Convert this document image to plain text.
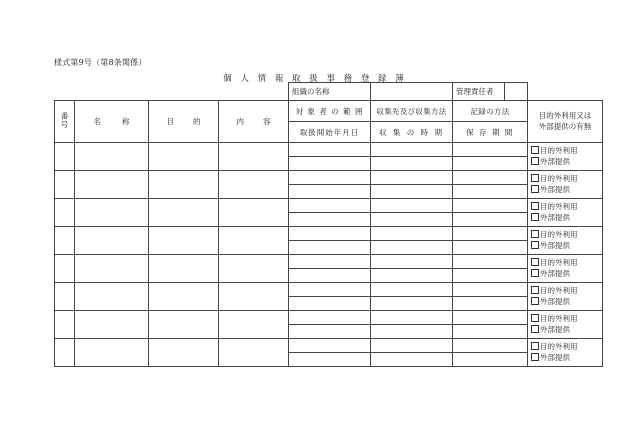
様式第9号（第8条関係）
個 人 情 報 取 扱 事 務 登 録 簿
				組織の名称		管理責任者		
番号	名 称	目 的	内 容	対 象 者 の 範 囲	収集先及び収集方法	記録の方法		目的外利用又は
外部提供の有無

				取扱開始年月日	収 集 の 時 期	保 存 期 間		

								目的外利用
外部提供

								目的外利用
外部提供

								目的外利用
外部提供

								目的外利用
外部提供

								目的外利用
外部提供

								目的外利用
外部提供

								目的外利用
外部提供

								目的外利用
外部提供
